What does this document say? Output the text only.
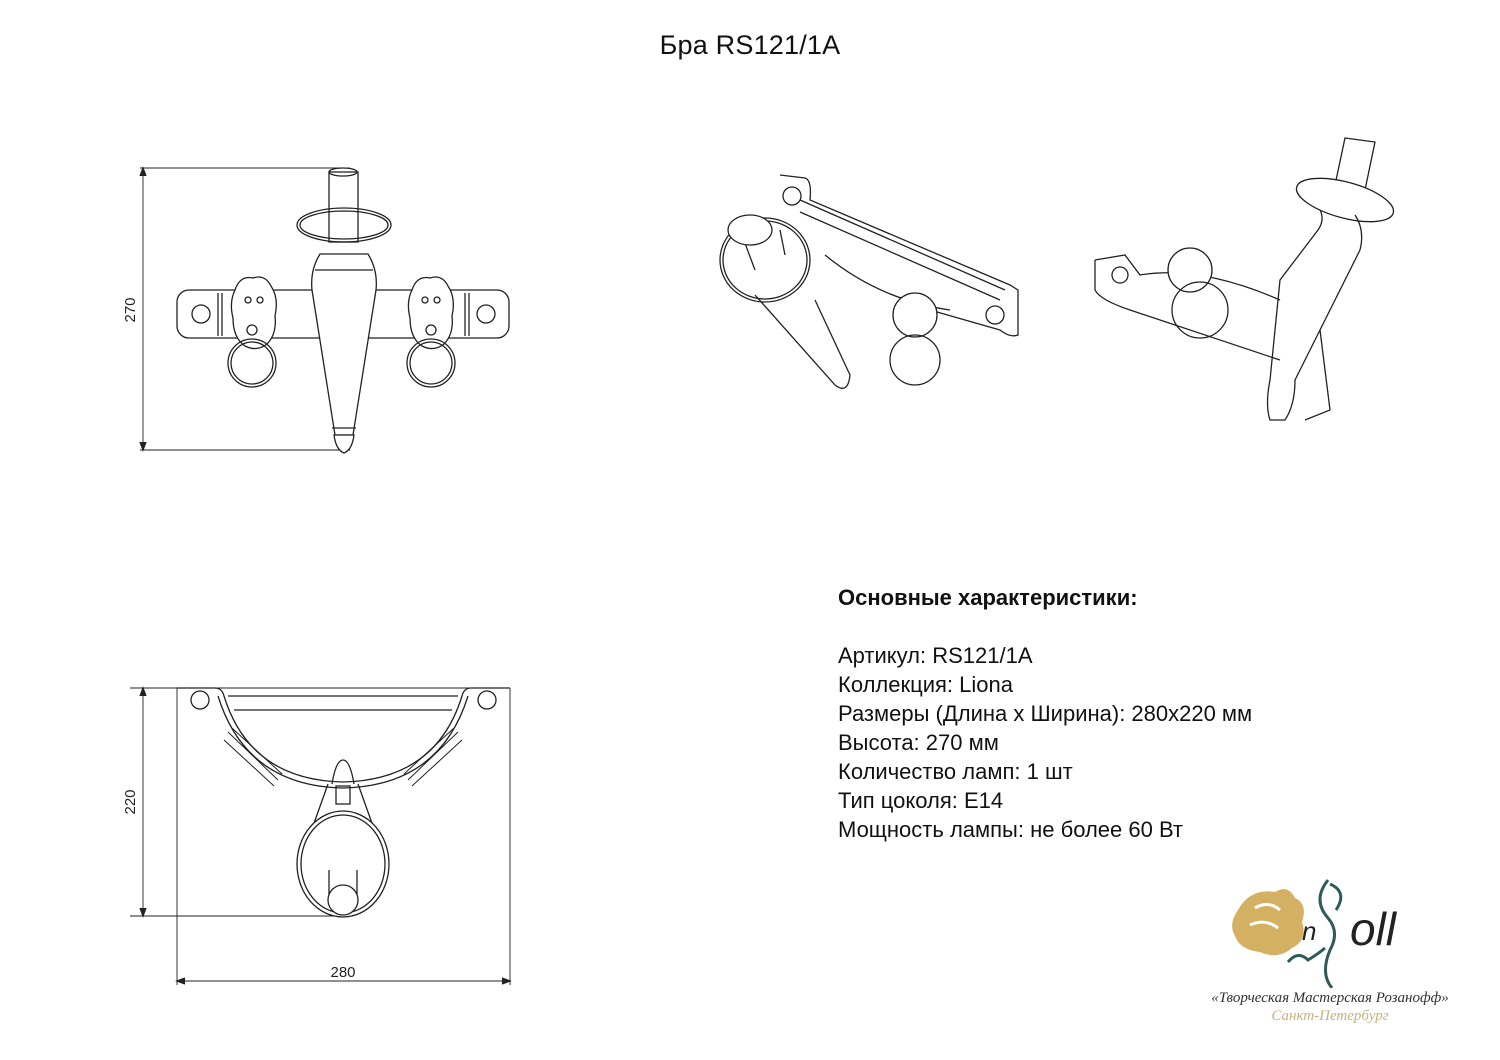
Бра RS121/1A
270
220
280
Основные характеристики:
Артикул: RS121/1A
Коллекция: Liona
Размеры (Длина x Ширина): 280x220 мм
Высота: 270 мм
Количество ламп: 1 шт
Тип цоколя: E14
Мощность лампы: не более 60 Вт
n oll
«Творческая Мастерская Розанофф»
Санкт-Петербург
